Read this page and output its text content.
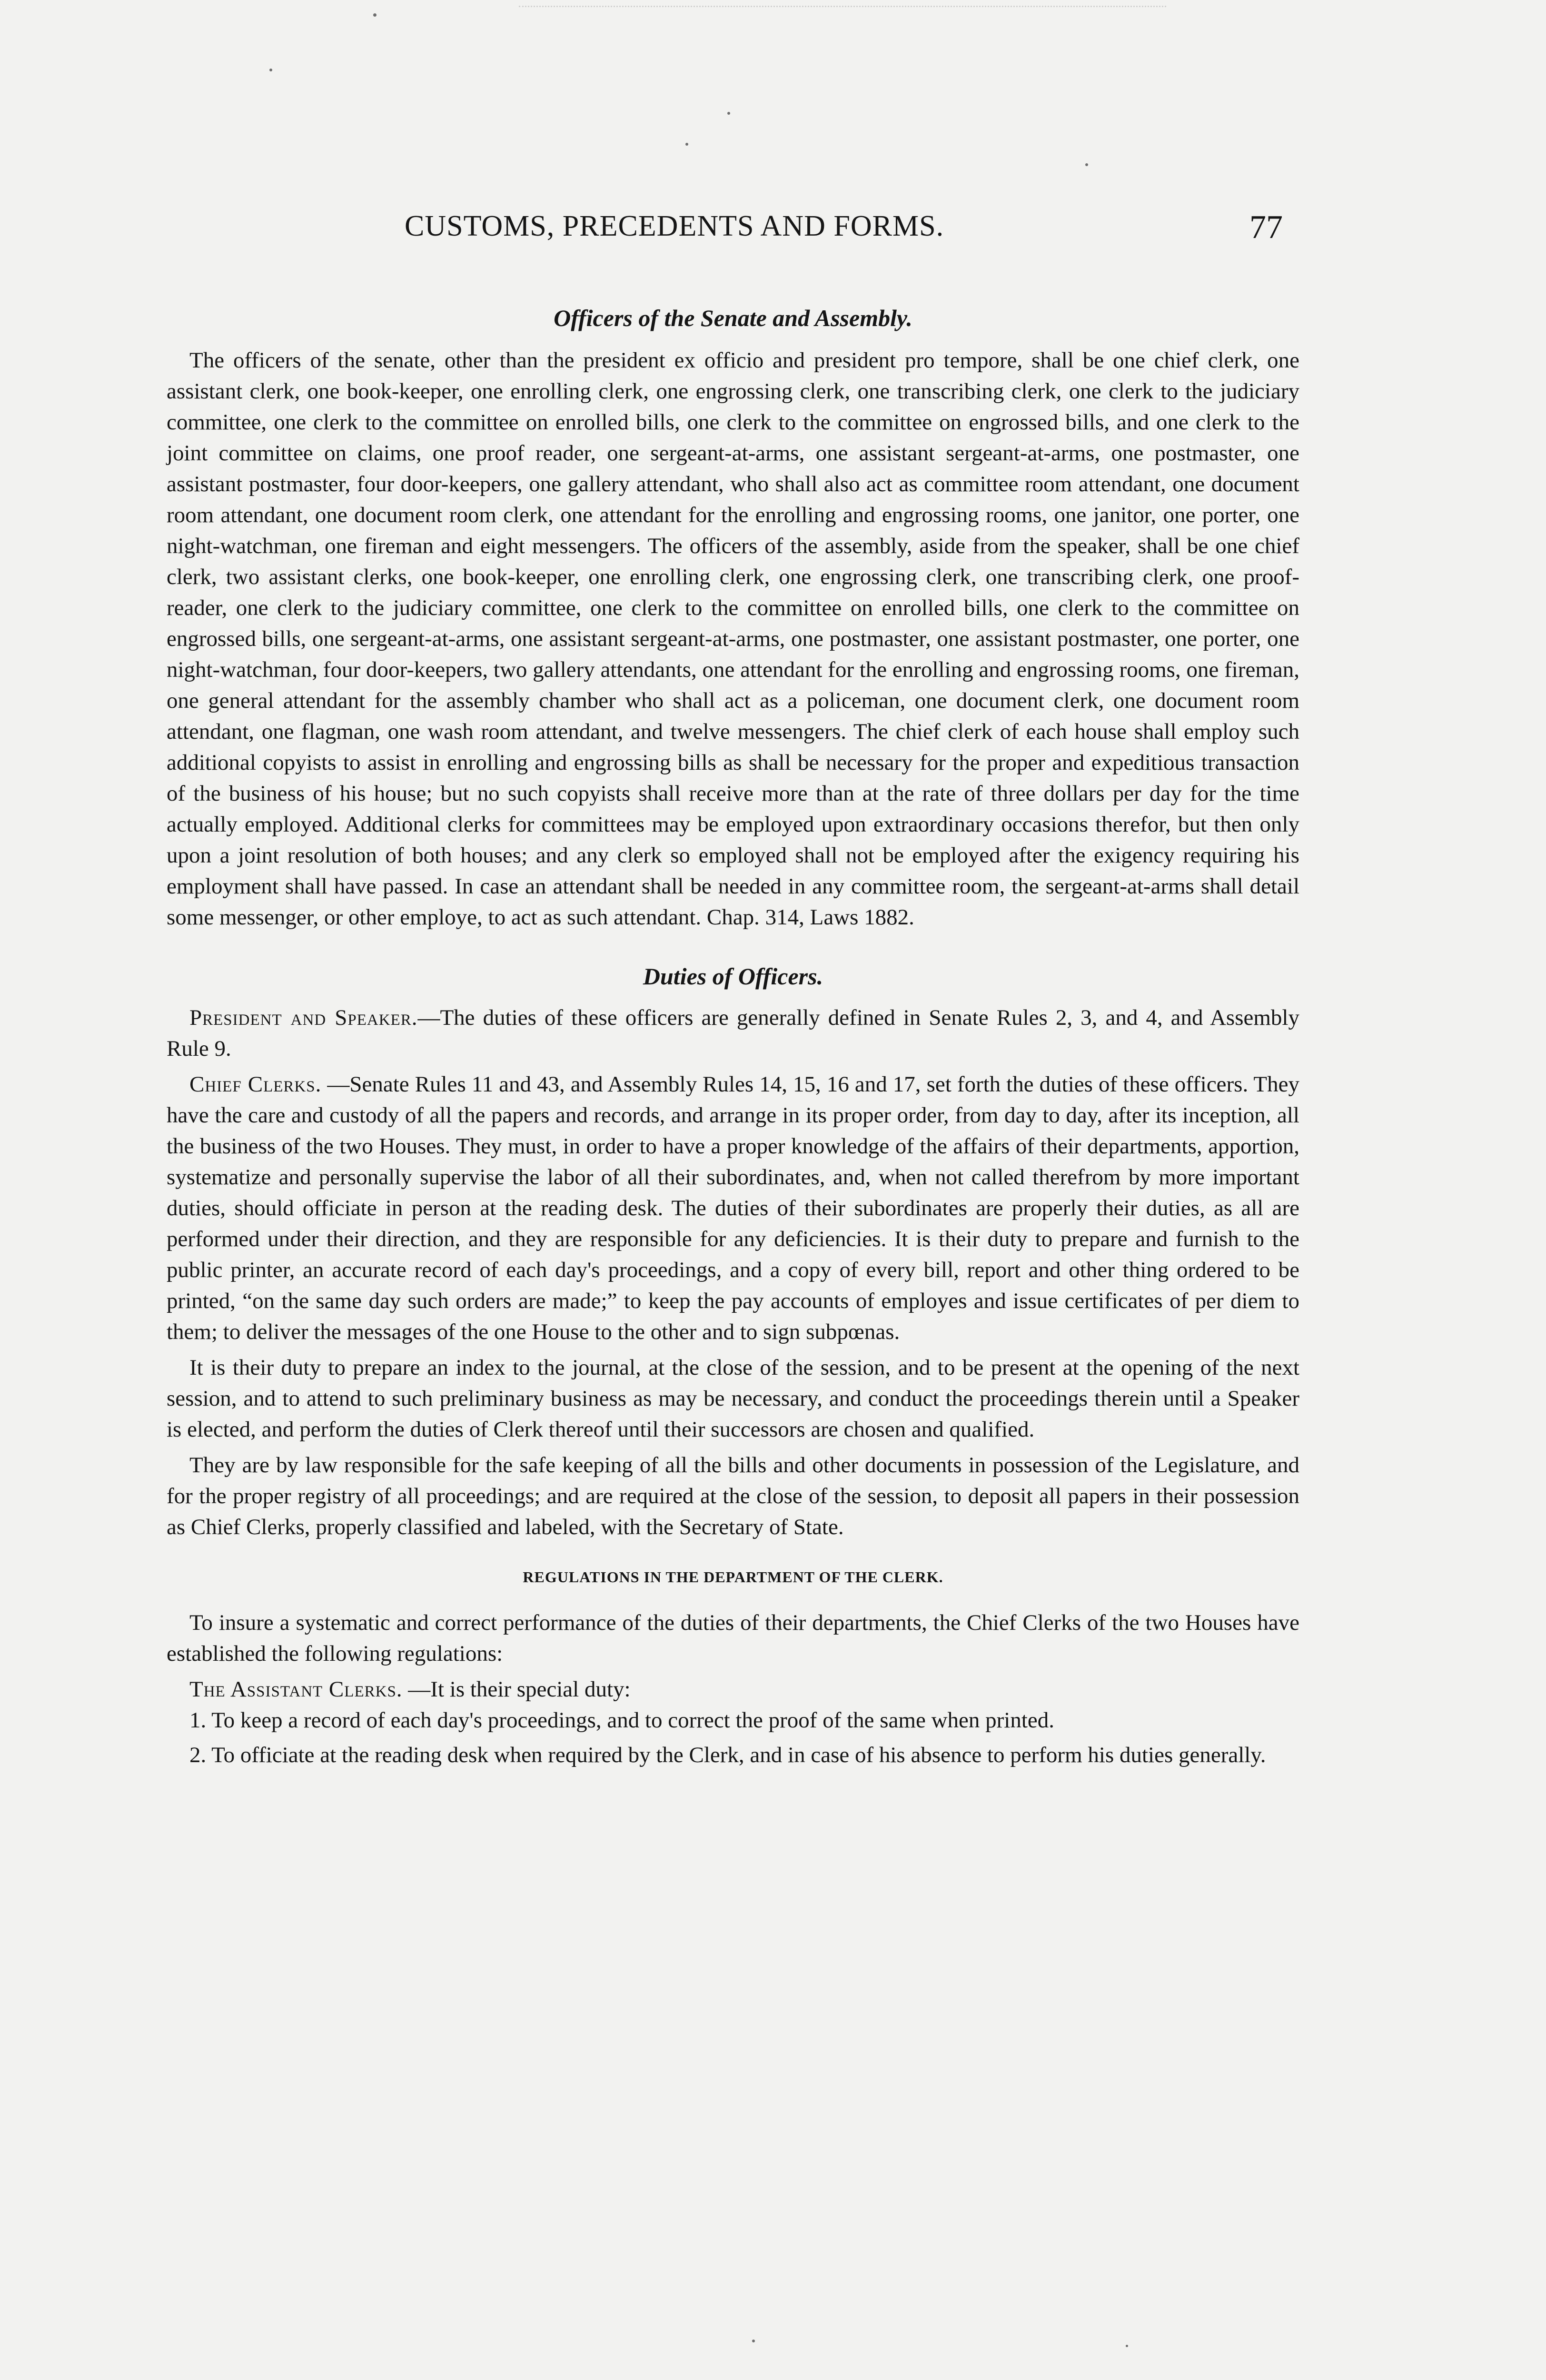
CUSTOMS, PRECEDENTS AND FORMS.	77
Officers of the Senate and Assembly.

The officers of the senate, other than the president ex officio and president pro tempore, shall be one chief clerk, one assistant clerk, one book-keeper, one enrolling clerk, one engrossing clerk, one transcribing clerk, one clerk to the judiciary committee, one clerk to the committee on enrolled bills, one clerk to the committee on engrossed bills, and one clerk to the joint committee on claims, one proof reader, one sergeant-at-arms, one assistant sergeant-at-arms, one postmaster, one assistant postmaster, four door-keepers, one gallery attendant, who shall also act as committee room attendant, one document room attendant, one document room clerk, one attendant for the enrolling and engrossing rooms, one janitor, one porter, one night-watchman, one fireman and eight messengers. The officers of the assembly, aside from the speaker, shall be one chief clerk, two assistant clerks, one book-keeper, one enrolling clerk, one engrossing clerk, one transcribing clerk, one proof-reader, one clerk to the judiciary committee, one clerk to the committee on enrolled bills, one clerk to the committee on engrossed bills, one sergeant-at-arms, one assistant sergeant-at-arms, one postmaster, one assistant postmaster, one porter, one night-watchman, four door-keepers, two gallery attendants, one attendant for the enrolling and engrossing rooms, one fireman, one general attendant for the assembly chamber who shall act as a policeman, one document clerk, one document room attendant, one flagman, one wash room attendant, and twelve messengers. The chief clerk of each house shall employ such additional copyists to assist in enrolling and engrossing bills as shall be necessary for the proper and expeditious transaction of the business of his house; but no such copyists shall receive more than at the rate of three dollars per day for the time actually employed. Additional clerks for committees may be employed upon extraordinary occasions therefor, but then only upon a joint resolution of both houses; and any clerk so employed shall not be employed after the exigency requiring his employment shall have passed. In case an attendant shall be needed in any committee room, the sergeant-at-arms shall detail some messenger, or other employe, to act as such attendant. Chap. 314, Laws 1882.

Duties of Officers.

President and Speaker.—The duties of these officers are generally defined in Senate Rules 2, 3, and 4, and Assembly Rule 9.

Chief Clerks. —Senate Rules 11 and 43, and Assembly Rules 14, 15, 16 and 17, set forth the duties of these officers. They have the care and custody of all the papers and records, and arrange in its proper order, from day to day, after its inception, all the business of the two Houses. They must, in order to have a proper knowledge of the affairs of their departments, apportion, systematize and personally supervise the labor of all their subordinates, and, when not called therefrom by more important duties, should officiate in person at the reading desk. The duties of their subordinates are properly their duties, as all are performed under their direction, and they are responsible for any deficiencies. It is their duty to prepare and furnish to the public printer, an accurate record of each day's proceedings, and a copy of every bill, report and other thing ordered to be printed, “on the same day such orders are made;” to keep the pay accounts of employes and issue certificates of per diem to them; to deliver the messages of the one House to the other and to sign subpœnas.

It is their duty to prepare an index to the journal, at the close of the session, and to be present at the opening of the next session, and to attend to such preliminary business as may be necessary, and conduct the proceedings therein until a Speaker is elected, and perform the duties of Clerk thereof until their successors are chosen and qualified.

They are by law responsible for the safe keeping of all the bills and other documents in possession of the Legislature, and for the proper registry of all proceedings; and are required at the close of the session, to deposit all papers in their possession as Chief Clerks, properly classified and labeled, with the Secretary of State.

REGULATIONS IN THE DEPARTMENT OF THE CLERK.

To insure a systematic and correct performance of the duties of their departments, the Chief Clerks of the two Houses have established the following regulations:

The Assistant Clerks. —It is their special duty:

1. To keep a record of each day's proceedings, and to correct the proof of the same when printed.

2. To officiate at the reading desk when required by the Clerk, and in case of his absence to perform his duties generally.
